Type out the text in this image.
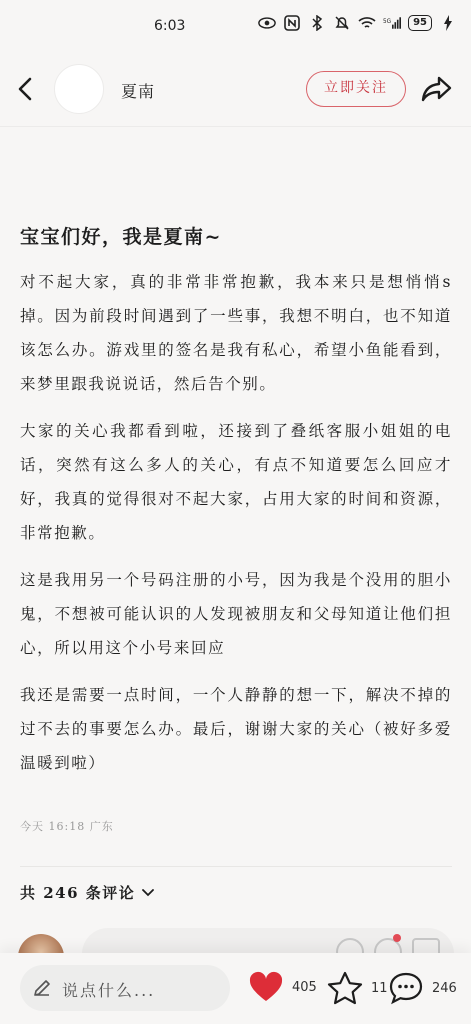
6:03	5G	95
夏南	立即关注
宝宝们好，我是夏南~

对不起大家，真的非常非常抱歉，我本来只是想悄悄s掉。因为前段时间遇到了一些事，我想不明白，也不知道该怎么办。游戏里的签名是我有私心，希望小鱼能看到，来梦里跟我说说话，然后告个别。

大家的关心我都看到啦，还接到了叠纸客服小姐姐的电话，突然有这么多人的关心，有点不知道要怎么回应才好，我真的觉得很对不起大家，占用大家的时间和资源，非常抱歉。

这是我用另一个号码注册的小号，因为我是个没用的胆小鬼，不想被可能认识的人发现被朋友和父母知道让他们担心，所以用这个小号来回应

我还是需要一点时间，一个人静静的想一下，解决不掉的过不去的事要怎么办。最后，谢谢大家的关心（被好多爱温暖到啦）

今天 16:18 广东
共 246 条评论
说点什么...	405	11	246
